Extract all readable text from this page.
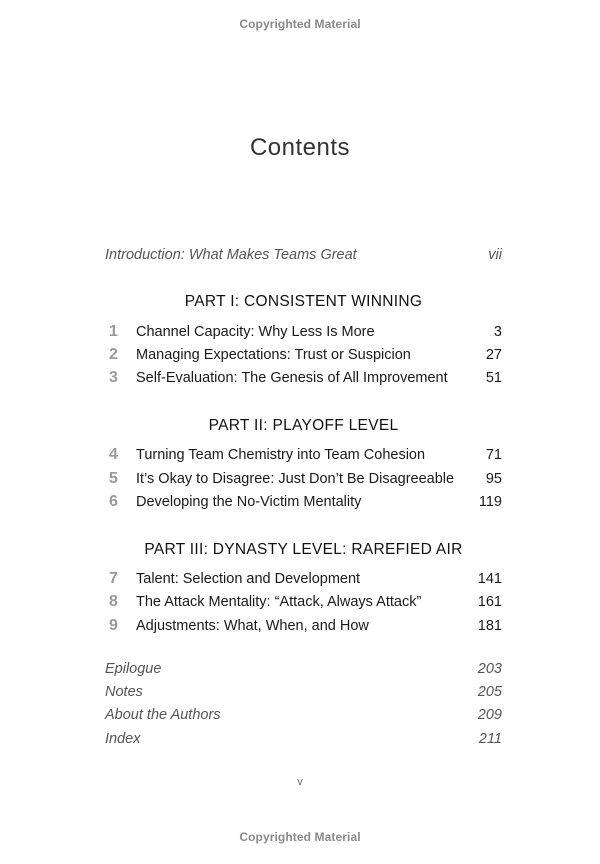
Copyrighted Material
Contents
Introduction: What Makes Teams Great	vii
PART I: CONSISTENT WINNING
1	Channel Capacity: Why Less Is More	3
2	Managing Expectations: Trust or Suspicion	27
3	Self-Evaluation: The Genesis of All Improvement	51
PART II: PLAYOFF LEVEL
4	Turning Team Chemistry into Team Cohesion	71
5	It’s Okay to Disagree: Just Don’t Be Disagreeable 95
6	Developing the No-Victim Mentality	119
PART III: DYNASTY LEVEL: RAREFIED AIR
7	Talent: Selection and Development	141
8	The Attack Mentality: “Attack, Always Attack”	161
9	Adjustments: What, When, and How	181
Epilogue	203
Notes	205
About the Authors	209
Index	211
v
Copyrighted Material
